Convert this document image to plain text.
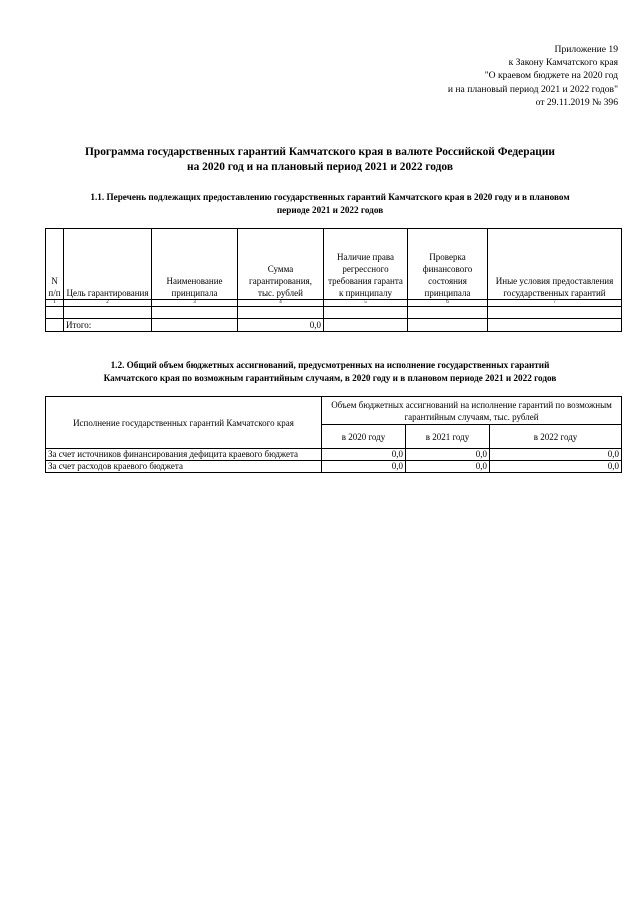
Приложение 19
к Закону Камчатского края
"О краевом бюджете на 2020 год
и на плановый период 2021 и 2022 годов"
от 29.11.2019 № 396
Программа государственных гарантий Камчатского края в валюте Российской Федерации
на 2020 год и на плановый период 2021 и 2022 годов
1.1. Перечень подлежащих предоставлению государственных гарантий Камчатского края в 2020 году и в плановом
периоде 2021 и 2022 годов
N п/п	Цель гарантирования	Наименование принципала	Сумма гарантирования, тыс. рублей	Наличие права регрессного требования гаранта к принципалу	Проверка финансового состояния принципала	Иные условия предоставления государственных гарантий
1	2	3	4	5	6	7

	Итого:		0,0			
1.2. Общий объем бюджетных ассигнований, предусмотренных на исполнение государственных гарантий
Камчатского края по возможным гарантийным случаям, в 2020 году и в плановом периоде 2021 и 2022 годов
Исполнение государственных гарантий Камчатского края	Объем бюджетных ассигнований на исполнение гарантий по возможным гарантийным случаям, тыс. рублей		
	в 2020 году	в 2021 году	в 2022 году
За счет источников финансирования дефицита краевого бюджета	0,0	0,0	0,0
За счет расходов краевого бюджета	0,0	0,0	0,0
